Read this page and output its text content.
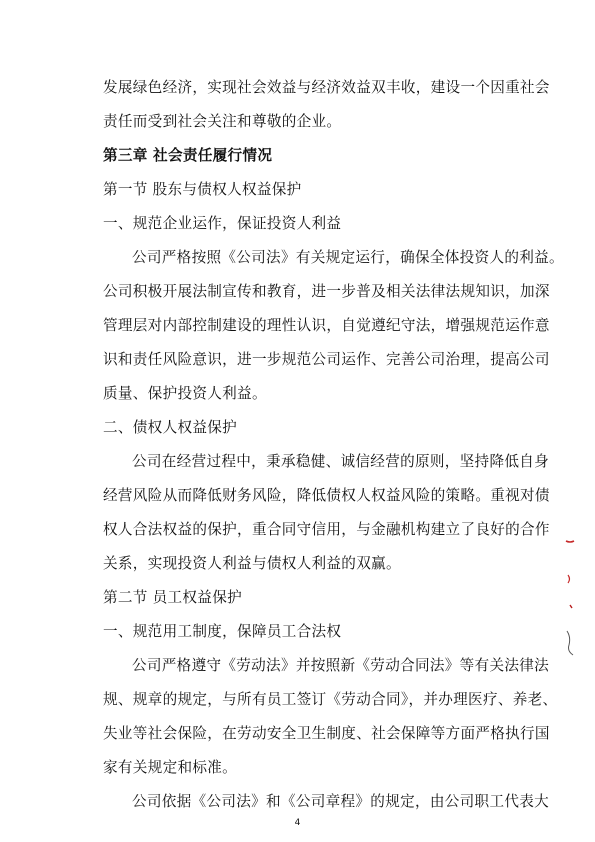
发展绿色经济，实现社会效益与经济效益双丰收，建设一个因重社会
责任而受到社会关注和尊敬的企业。
第三章 社会责任履行情况
第一节 股东与债权人权益保护
一、规范企业运作，保证投资人利益
公司严格按照《公司法》有关规定运行，确保全体投资人的利益。
公司积极开展法制宣传和教育，进一步普及相关法律法规知识，加深
管理层对内部控制建设的理性认识，自觉遵纪守法，增强规范运作意
识和责任风险意识，进一步规范公司运作、完善公司治理，提高公司
质量、保护投资人利益。
二、债权人权益保护
公司在经营过程中，秉承稳健、诚信经营的原则，坚持降低自身
经营风险从而降低财务风险，降低债权人权益风险的策略。重视对债
权人合法权益的保护，重合同守信用，与金融机构建立了良好的合作
关系，实现投资人利益与债权人利益的双赢。
第二节 员工权益保护
一、规范用工制度，保障员工合法权
公司严格遵守《劳动法》并按照新《劳动合同法》等有关法律法
规、规章的规定，与所有员工签订《劳动合同》，并办理医疗、养老、
失业等社会保险，在劳动安全卫生制度、社会保障等方面严格执行国
家有关规定和标准。
公司依据《公司法》和《公司章程》的规定，由公司职工代表大
4
